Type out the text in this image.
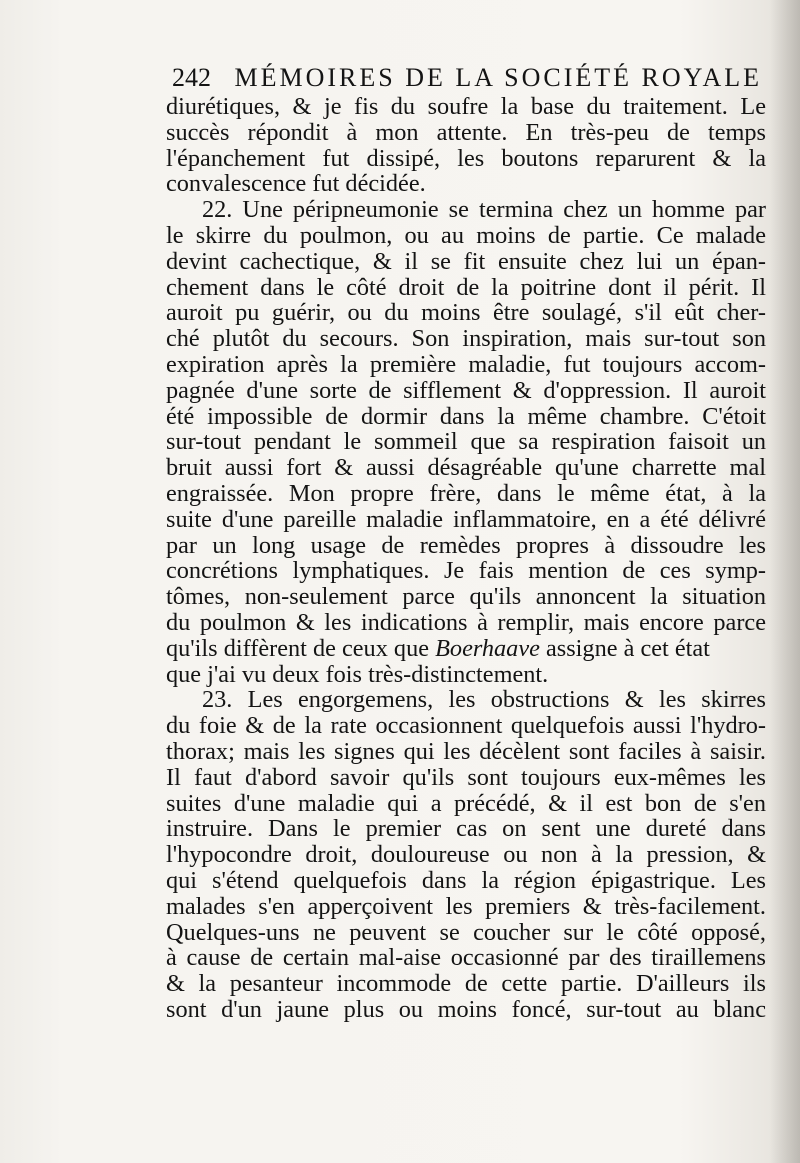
242 MÉMOIRES DE LA SOCIÉTÉ ROYALE
diurétiques, & je fis du soufre la base du traitement. Le
succès répondit à mon attente. En très-peu de temps
l'épanchement fut dissipé, les boutons reparurent & la
convalescence fut décidée.
22. Une péripneumonie se termina chez un homme par
le skirre du poulmon, ou au moins de partie. Ce malade
devint cachectique, & il se fit ensuite chez lui un épan-
chement dans le côté droit de la poitrine dont il périt. Il
auroit pu guérir, ou du moins être soulagé, s'il eût cher-
ché plutôt du secours. Son inspiration, mais sur-tout son
expiration après la première maladie, fut toujours accom-
pagnée d'une sorte de sifflement & d'oppression. Il auroit
été impossible de dormir dans la même chambre. C'étoit
sur-tout pendant le sommeil que sa respiration faisoit un
bruit aussi fort & aussi désagréable qu'une charrette mal
engraissée. Mon propre frère, dans le même état, à la
suite d'une pareille maladie inflammatoire, en a été délivré
par un long usage de remèdes propres à dissoudre les
concrétions lymphatiques. Je fais mention de ces symp-
tômes, non-seulement parce qu'ils annoncent la situation
du poulmon & les indications à remplir, mais encore parce
qu'ils diffèrent de ceux que Boerhaave assigne à cet état
que j'ai vu deux fois très-distinctement.
23. Les engorgemens, les obstructions & les skirres
du foie & de la rate occasionnent quelquefois aussi l'hydro-
thorax; mais les signes qui les décèlent sont faciles à saisir.
Il faut d'abord savoir qu'ils sont toujours eux-mêmes les
suites d'une maladie qui a précédé, & il est bon de s'en
instruire. Dans le premier cas on sent une dureté dans
l'hypocondre droit, douloureuse ou non à la pression, &
qui s'étend quelquefois dans la région épigastrique. Les
malades s'en apperçoivent les premiers & très-facilement.
Quelques-uns ne peuvent se coucher sur le côté opposé,
à cause de certain mal-aise occasionné par des tiraillemens
& la pesanteur incommode de cette partie. D'ailleurs ils
sont d'un jaune plus ou moins foncé, sur-tout au blanc
